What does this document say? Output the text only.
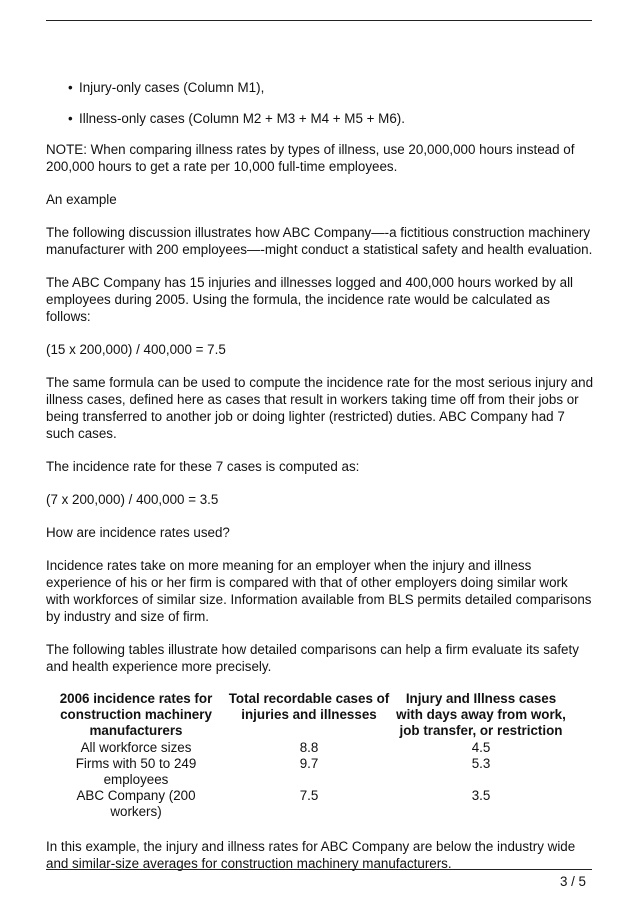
• Injury-only cases (Column M1),
• Illness-only cases (Column M2 + M3 + M4 + M5 + M6).

NOTE: When comparing illness rates by types of illness, use 20,000,000 hours instead of 200,000 hours to get a rate per 10,000 full-time employees.

An example

The following discussion illustrates how ABC Company—-a fictitious construction machinery manufacturer with 200 employees—-might conduct a statistical safety and health evaluation.

The ABC Company has 15 injuries and illnesses logged and 400,000 hours worked by all employees during 2005. Using the formula, the incidence rate would be calculated as follows:

(15 x 200,000) / 400,000 = 7.5

The same formula can be used to compute the incidence rate for the most serious injury and illness cases, defined here as cases that result in workers taking time off from their jobs or being transferred to another job or doing lighter (restricted) duties. ABC Company had 7 such cases.

The incidence rate for these 7 cases is computed as:

(7 x 200,000) / 400,000 = 3.5

How are incidence rates used?

Incidence rates take on more meaning for an employer when the injury and illness experience of his or her firm is compared with that of other employers doing similar work with workforces of similar size. Information available from BLS permits detailed comparisons by industry and size of firm.

The following tables illustrate how detailed comparisons can help a firm evaluate its safety and health experience more precisely.

2006 incidence rates for construction machinery manufacturers	Total recordable cases of injuries and illnesses	Injury and Illness cases with days away from work, job transfer, or restriction
All workforce sizes	8.8	4.5
Firms with 50 to 249 employees	9.7	5.3
ABC Company (200 workers)	7.5	3.5

In this example, the injury and illness rates for ABC Company are below the industry wide and similar-size averages for construction machinery manufacturers.

3 / 5
